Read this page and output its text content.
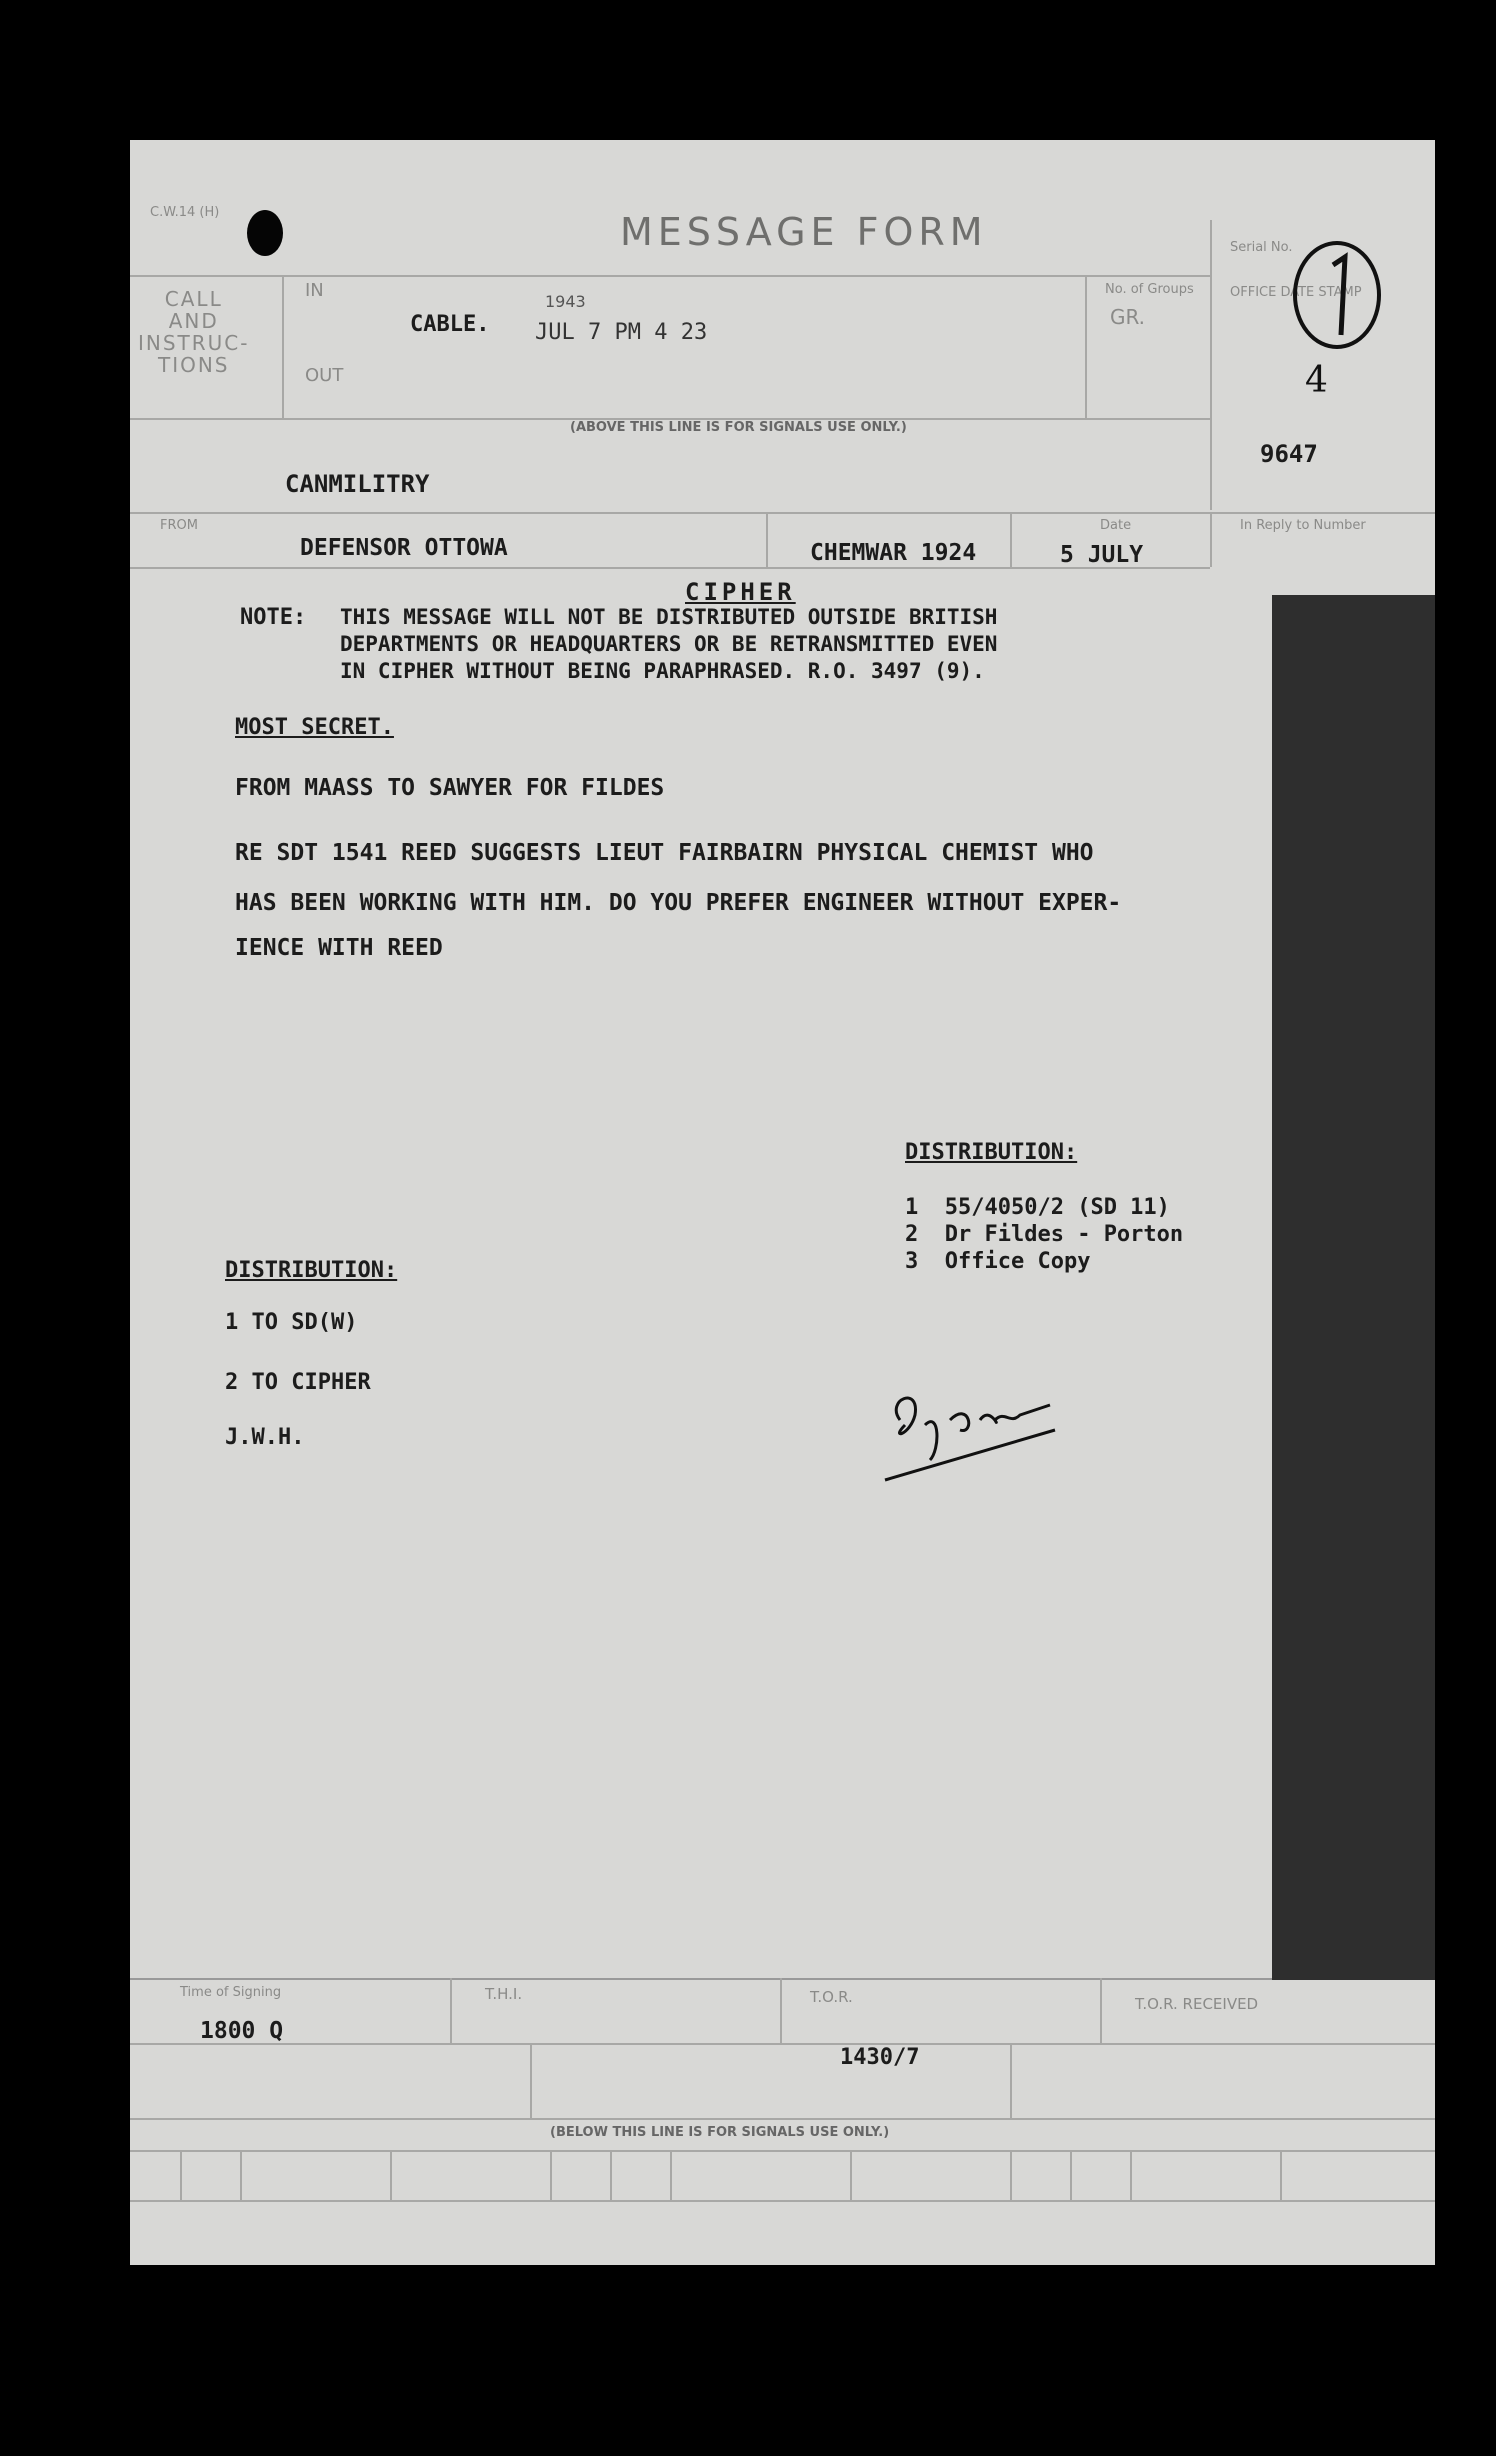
C.W.14 (H)	MESSAGE FORM	Serial No.
CALL
AND
INSTRUC-
TIONS
IN
OUT
CABLE.
1943
JUL 7 PM 4 23
No. of Groups
GR.
OFFICE DATE STAMP
4
(ABOVE THIS LINE IS FOR SIGNALS USE ONLY.)
CANMILITRY
9647
FROM
DEFENSOR OTTOWA	CHEMWAR 1924
Date
5 JULY
In Reply to Number
CIPHER
NOTE: THIS MESSAGE WILL NOT BE DISTRIBUTED OUTSIDE BRITISH
DEPARTMENTS OR HEADQUARTERS OR BE RETRANSMITTED EVEN
IN CIPHER WITHOUT BEING PARAPHRASED. R.O. 3497 (9).
MOST SECRET.
FROM MAASS TO SAWYER FOR FILDES
RE SDT 1541 REED SUGGESTS LIEUT FAIRBAIRN PHYSICAL CHEMIST WHO
HAS BEEN WORKING WITH HIM. DO YOU PREFER ENGINEER WITHOUT EXPER-
IENCE WITH REED
DISTRIBUTION:
1 55/4050/2 (SD 11)
2 Dr Fildes - Porton
3 Office Copy
DISTRIBUTION:
1 TO SD(W)
2 TO CIPHER
J.W.H.
Time of Signing
1800 Q
T.H.I.	T.O.R.
1430/7
T.O.R. RECEIVED
(BELOW THIS LINE IS FOR SIGNALS USE ONLY.)
